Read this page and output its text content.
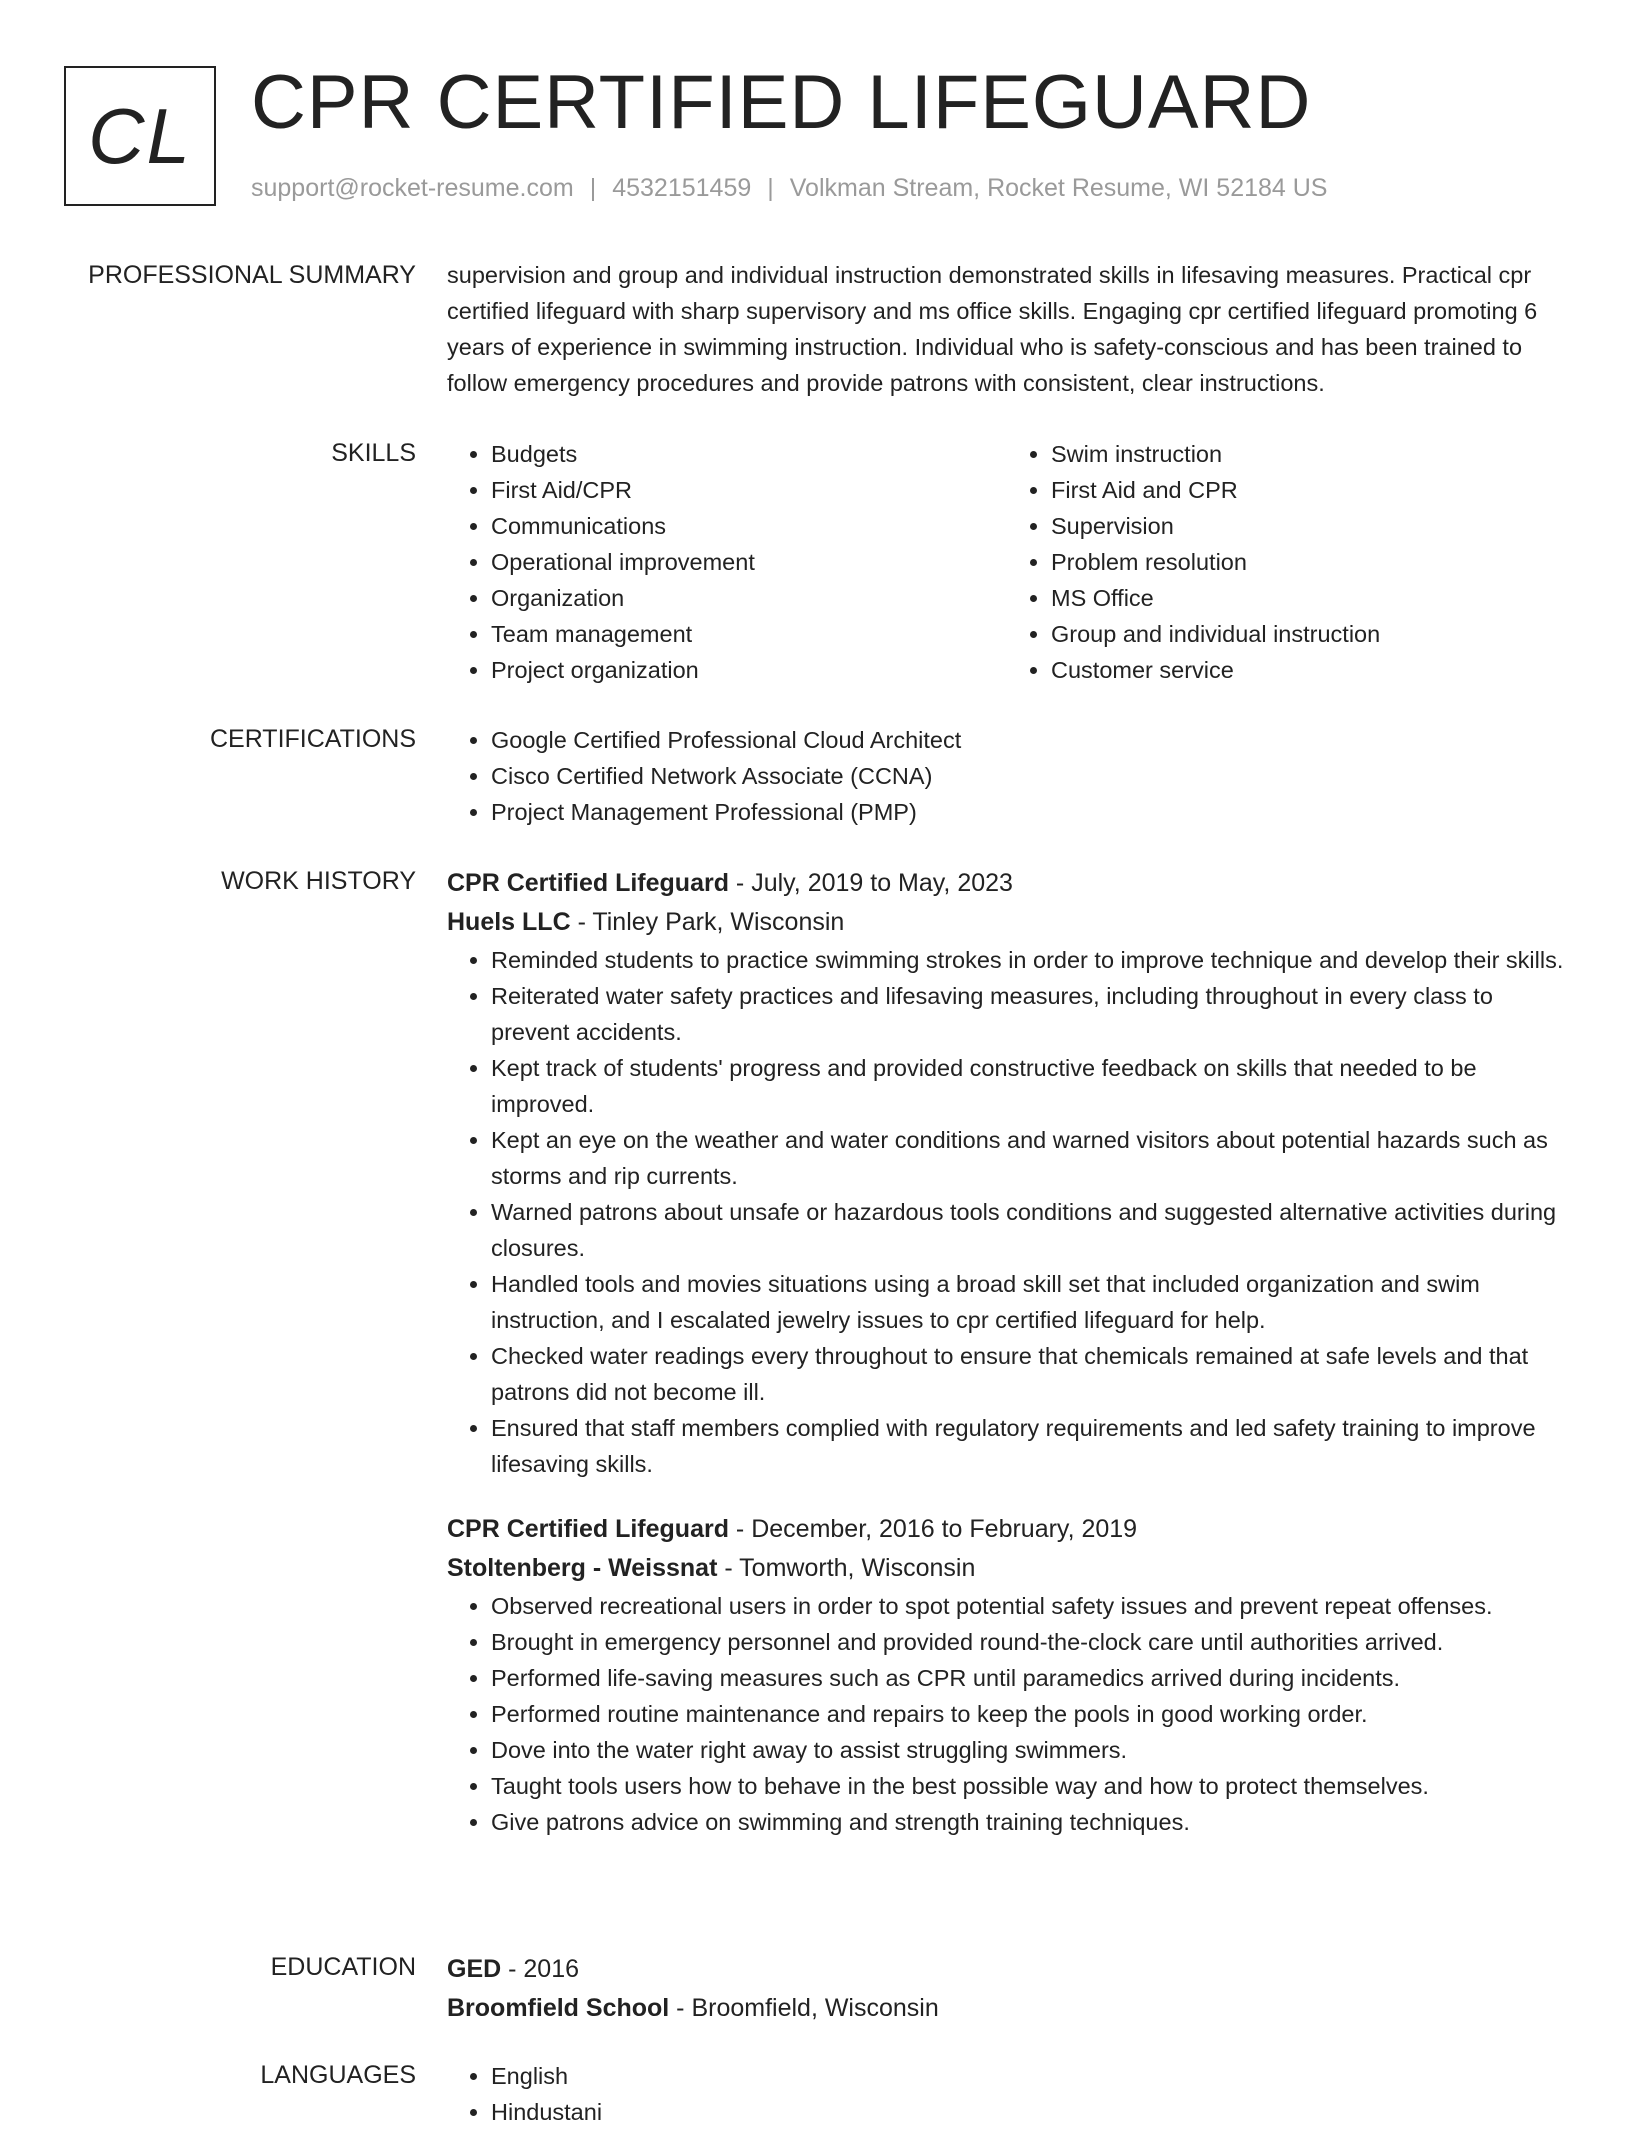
CL CPR CERTIFIED LIFEGUARD
support@rocket-resume.com | 4532151459 | Volkman Stream, Rocket Resume, WI 52184 US
PROFESSIONAL SUMMARY supervision and group and individual instruction demonstrated skills in lifesaving measures. Practical cpr certified lifeguard with sharp supervisory and ms office skills. Engaging cpr certified lifeguard promoting 6 years of experience in swimming instruction. Individual who is safety-conscious and has been trained to follow emergency procedures and provide patrons with consistent, clear instructions.

SKILLS	• Budgets
• First Aid/CPR
• Communications
• Operational improvement
• Organization
• Team management
• Project organization
• Swim instruction
• First Aid and CPR
• Supervision
• Problem resolution
• MS Office
• Group and individual instruction
• Customer service
CERTIFICATIONS	• Google Certified Professional Cloud Architect
• Cisco Certified Network Associate (CCNA)
• Project Management Professional (PMP)
WORK HISTORY CPR Certified Lifeguard - July, 2019 to May, 2023
Huels LLC - Tinley Park, Wisconsin
• Reminded students to practice swimming strokes in order to improve technique and develop their skills.
• Reiterated water safety practices and lifesaving measures, including throughout in every class to prevent accidents.
• Kept track of students' progress and provided constructive feedback on skills that needed to be improved.
• Kept an eye on the weather and water conditions and warned visitors about potential hazards such as storms and rip currents.
• Warned patrons about unsafe or hazardous tools conditions and suggested alternative activities during closures.
• Handled tools and movies situations using a broad skill set that included organization and swim instruction, and I escalated jewelry issues to cpr certified lifeguard for help.
• Checked water readings every throughout to ensure that chemicals remained at safe levels and that patrons did not become ill.
• Ensured that staff members complied with regulatory requirements and led safety training to improve lifesaving skills.
CPR Certified Lifeguard - December, 2016 to February, 2019
Stoltenberg - Weissnat - Tomworth, Wisconsin
• Observed recreational users in order to spot potential safety issues and prevent repeat offenses.
• Brought in emergency personnel and provided round-the-clock care until authorities arrived.
• Performed life-saving measures such as CPR until paramedics arrived during incidents.
• Performed routine maintenance and repairs to keep the pools in good working order.
• Dove into the water right away to assist struggling swimmers.
• Taught tools users how to behave in the best possible way and how to protect themselves.
• Give patrons advice on swimming and strength training techniques.
EDUCATION GED - 2016
Broomfield School - Broomfield, Wisconsin
LANGUAGES	• English
• Hindustani
